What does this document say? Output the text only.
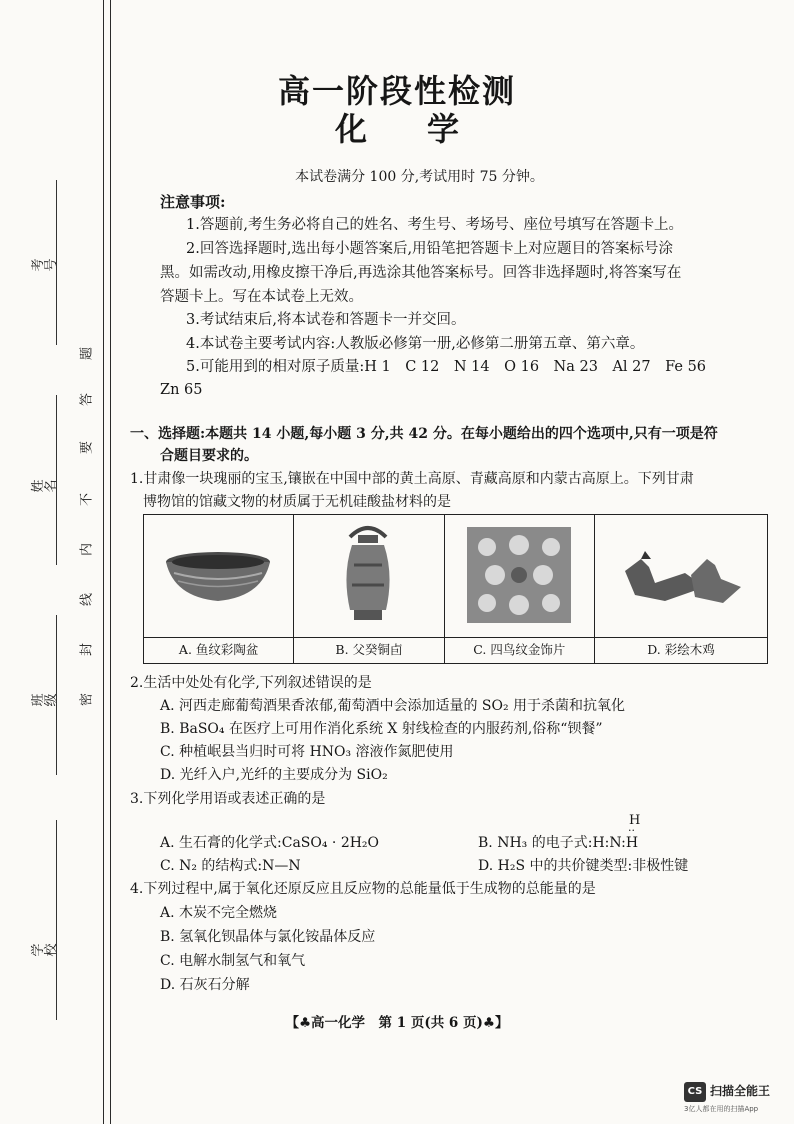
考号
姓名
班级
学校
题
答
要
不
内
线
封
密
高一阶段性检测
化学
本试卷满分 100 分,考试用时 75 分钟。
注意事项:
1.答题前,考生务必将自己的姓名、考生号、考场号、座位号填写在答题卡上。
2.回答选择题时,选出每小题答案后,用铅笔把答题卡上对应题目的答案标号涂
黑。如需改动,用橡皮擦干净后,再选涂其他答案标号。回答非选择题时,将答案写在
答题卡上。写在本试卷上无效。
3.考试结束后,将本试卷和答题卡一并交回。
4.本试卷主要考试内容:人教版必修第一册,必修第二册第五章、第六章。
5.可能用到的相对原子质量:H 1　C 12　N 14　O 16　Na 23　Al 27　Fe 56
Zn 65
一、选择题:本题共 14 小题,每小题 3 分,共 42 分。在每小题给出的四个选项中,只有一项是符
合题目要求的。
1.甘肃像一块瑰丽的宝玉,镶嵌在中国中部的黄土高原、青藏高原和内蒙古高原上。下列甘肃
博物馆的馆藏文物的材质属于无机硅酸盐材料的是
A. 鱼纹彩陶盆	B. 父癸铜卣	C. 四鸟纹金饰片	D. 彩绘木鸡
2.生活中处处有化学,下列叙述错误的是
A. 河西走廊葡萄酒果香浓郁,葡萄酒中会添加适量的 SO₂ 用于杀菌和抗氧化
B. BaSO₄ 在医疗上可用作消化系统 X 射线检查的内服药剂,俗称“钡餐”
C. 种植岷县当归时可将 HNO₃ 溶液作氮肥使用
D. 光纤入户,光纤的主要成分为 SiO₂
3.下列化学用语或表述正确的是
A. 生石膏的化学式:CaSO₄ · 2H₂O	B. NH₃ 的电子式:H:N:H
H
··
C. N₂ 的结构式:N—N	D. H₂S 中的共价键类型:非极性键
4.下列过程中,属于氧化还原反应且反应物的总能量低于生成物的总能量的是
A. 木炭不完全燃烧
B. 氢氧化钡晶体与氯化铵晶体反应
C. 电解水制氢气和氧气
D. 石灰石分解
【♣高一化学　第 1 页(共 6 页)♣】
CS 扫描全能王
3亿人都在用的扫描App
